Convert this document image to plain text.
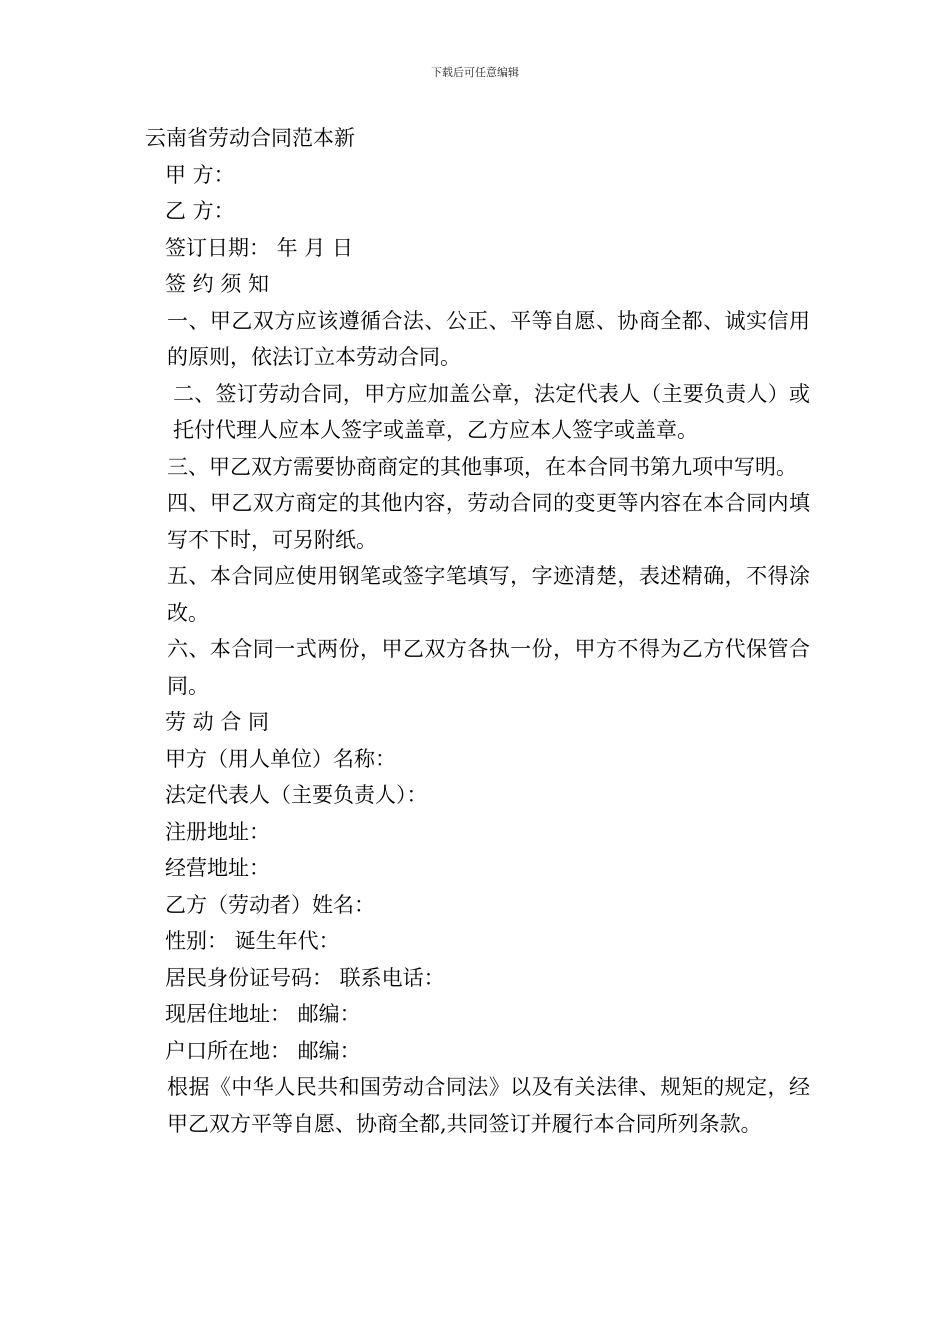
下载后可任意编辑
云南省劳动合同范本新
甲 方：
乙 方：
签订日期： 年 月 日
签 约 须 知
一、甲乙双方应该遵循合法、公正、平等自愿、协商全都、诚实信用的原则，依法订立本劳动合同。
二、签订劳动合同，甲方应加盖公章，法定代表人（主要负责人）或托付代理人应本人签字或盖章，乙方应本人签字或盖章。
三、甲乙双方需要协商商定的其他事项，在本合同书第九项中写明。
四、甲乙双方商定的其他内容，劳动合同的变更等内容在本合同内填写不下时，可另附纸。
五、本合同应使用钢笔或签字笔填写，字迹清楚，表述精确，不得涂改。
六、本合同一式两份，甲乙双方各执一份，甲方不得为乙方代保管合同。
劳 动 合 同
甲方（用人单位）名称：
法定代表人（主要负责人）：
注册地址：
经营地址：
乙方（劳动者）姓名：
性别： 诞生年代：
居民身份证号码： 联系电话：
现居住地址： 邮编：
户口所在地： 邮编：
根据《中华人民共和国劳动合同法》以及有关法律、规矩的规定，经甲乙双方平等自愿、协商全都,共同签订并履行本合同所列条款。
